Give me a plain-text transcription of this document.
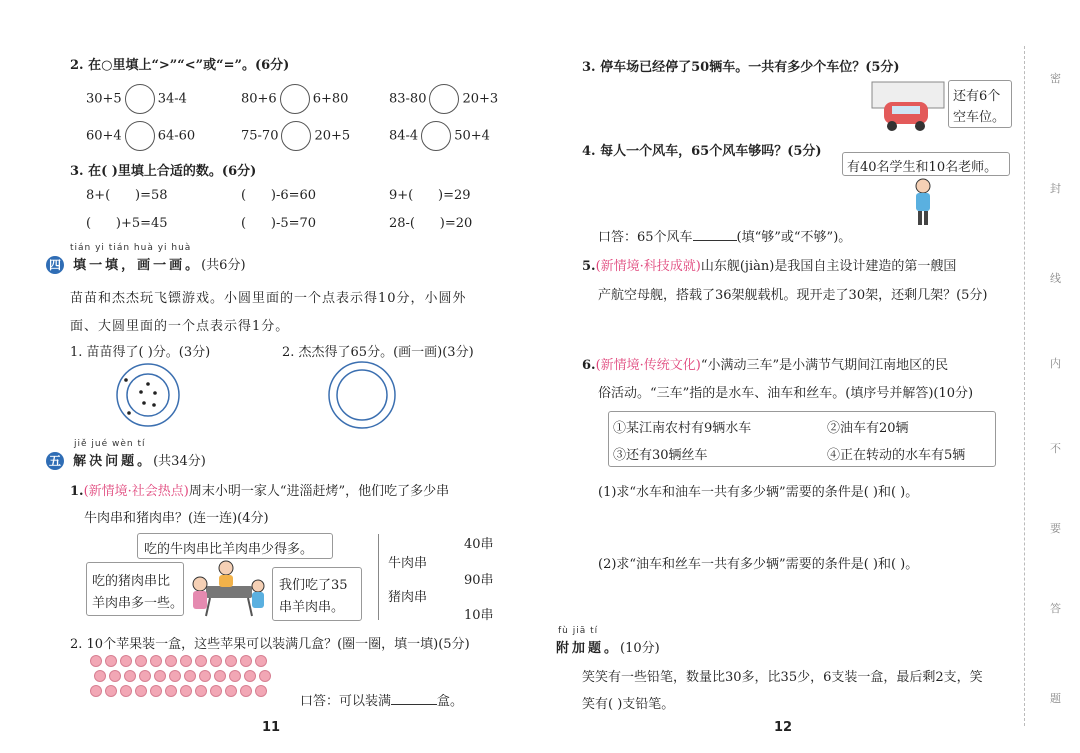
2. 在○里填上“>”“<”或“=”。(6分)
30+5	34-4	80+6	6+80	83-80	20+3
60+4	64-60	75-70	20+5	84-4	50+4
3. 在( )里填上合适的数。(6分)
8+(      )=58	(      )-6=60	9+(      )=29
(      )+5=45	(      )-5=70	28-(      )=20
tián yi tián huà yi huà
四 填一填，画一画。(共6分)
苗苗和杰杰玩飞镖游戏。小圆里面的一个点表示得10分，小圆外
面、大圆里面的一个点表示得1分。
1. 苗苗得了( )分。(3分)	2. 杰杰得了65分。(画一画)(3分)
jiě jué wèn tí
五 解决问题。(共34分)
1.(新情境·社会热点)周末小明一家人“进淄赶烤”，他们吃了多少串
牛肉串和猪肉串？(连一连)(4分)
吃的牛肉串比羊肉串少得多。
吃的猪肉串比
羊肉串多一些。
我们吃了35
串羊肉串。
牛肉串
猪肉串
40串
90串
10串
2. 10个苹果装一盒，这些苹果可以装满几盒？(圈一圈，填一填)(5分)
口答：可以装满	盒。
11
3. 停车场已经停了50辆车。一共有多少个车位？(5分)
还有6个
空车位。
4. 每人一个风车，65个风车够吗？(5分)
有40名学生和10名老师。
口答：65个风车	(填“够”或“不够”)。
5.(新情境·科技成就)山东舰(jiàn)是我国自主设计建造的第一艘国
产航空母舰，搭载了36架舰载机。现开走了30架，还剩几架？(5分)
6.(新情境·传统文化)“小满动三车”是小满节气期间江南地区的民
俗活动。“三车”指的是水车、油车和丝车。(填序号并解答)(10分)
①某江南农村有9辆水车	②油车有20辆
③还有30辆丝车	④正在转动的水车有5辆
(1)求“水车和油车一共有多少辆”需要的条件是( )和( )。
(2)求“油车和丝车一共有多少辆”需要的条件是( )和( )。
fù jiā tí
附加题。(10分)
笑笑有一些铅笔，数量比30多，比35少，6支装一盒，最后剩2支，笑
笑有( )支铅笔。
12
密
封
线
内
不
要
答
题
